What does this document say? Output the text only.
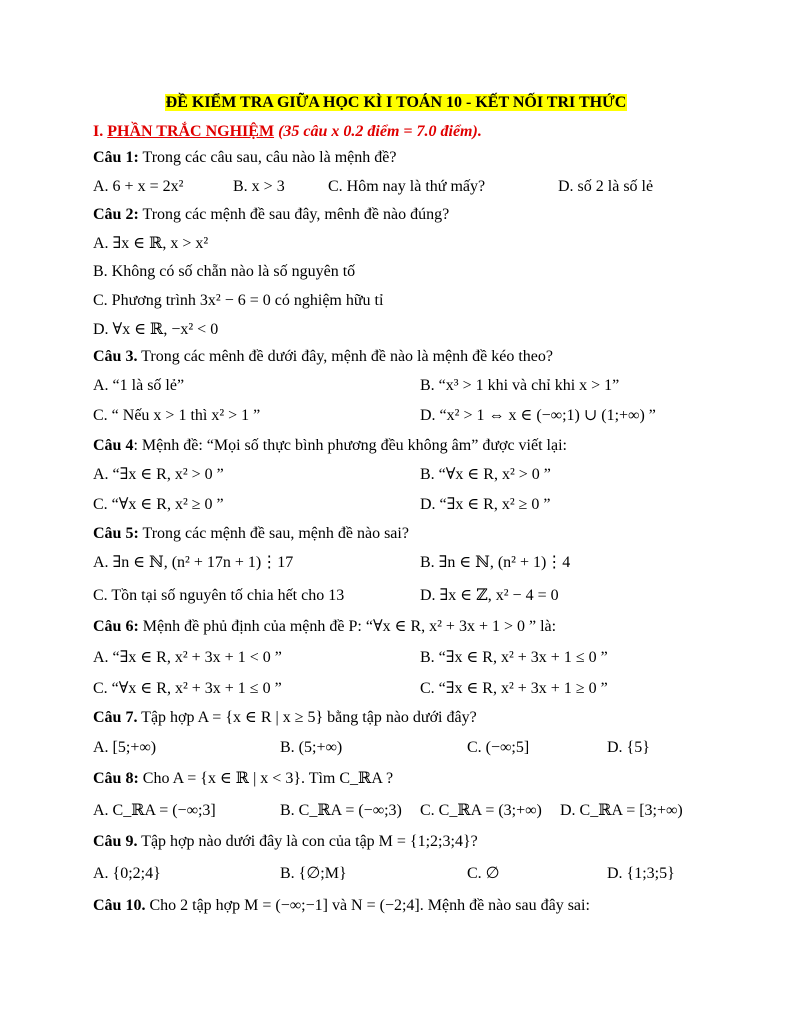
ĐỀ KIỂM TRA GIỮA HỌC KÌ I TOÁN 10 - KẾT NỐI TRI THỨC
I. PHẦN TRẮC NGHIỆM (35 câu x 0.2 điểm = 7.0 điểm).
Câu 1: Trong các câu sau, câu nào là mệnh đề?
A. 6 + x = 2x²	B. x > 3	C. Hôm nay là thứ mấy?	D. số 2 là số lẻ
Câu 2: Trong các mệnh đề sau đây, mênh đề nào đúng?
A. ∃x ∈ ℝ, x > x²
B. Không có số chẵn nào là số nguyên tố
C. Phương trình 3x² − 6 = 0 có nghiệm hữu tỉ
D. ∀x ∈ ℝ, −x² < 0
Câu 3. Trong các mênh đề dưới đây, mệnh đề nào là mệnh đề kéo theo?
A. “1 là số lẻ”	B. “x³ > 1 khi và chỉ khi x > 1”
C. “ Nếu x > 1 thì x² > 1 ”	D. “x² > 1 ⇔ x ∈ (−∞;1) ∪ (1;+∞) ”
Câu 4: Mệnh đề: “Mọi số thực bình phương đều không âm” được viết lại:
A. “∃x ∈ R, x² > 0 ”	B. “∀x ∈ R, x² > 0 ”
C. “∀x ∈ R, x² ≥ 0 ”	D. “∃x ∈ R, x² ≥ 0 ”
Câu 5: Trong các mệnh đề sau, mệnh đề nào sai?
A. ∃n ∈ ℕ, (n² + 17n + 1)⋮17	B. ∃n ∈ ℕ, (n² + 1)⋮4
C. Tồn tại số nguyên tố chia hết cho 13	D. ∃x ∈ ℤ, x² − 4 = 0
Câu 6: Mệnh đề phủ định của mệnh đề P: “∀x ∈ R, x² + 3x + 1 > 0 ” là:
A. “∃x ∈ R, x² + 3x + 1 < 0 ”	B. “∃x ∈ R, x² + 3x + 1 ≤ 0 ”
C. “∀x ∈ R, x² + 3x + 1 ≤ 0 ”	C. “∃x ∈ R, x² + 3x + 1 ≥ 0 ”
Câu 7. Tập hợp A = {x ∈ R | x ≥ 5} bằng tập nào dưới đây?
A. [5;+∞)	B. (5;+∞)	C. (−∞;5]	D. {5}
Câu 8: Cho A = {x ∈ ℝ | x < 3}. Tìm C_ℝA ?
A. C_ℝA = (−∞;3]	B. C_ℝA = (−∞;3) C. C_ℝA = (3;+∞) D. C_ℝA = [3;+∞)
Câu 9. Tập hợp nào dưới đây là con của tập M = {1;2;3;4}?
A. {0;2;4}	B. {∅;M}	C. ∅	D. {1;3;5}
Câu 10. Cho 2 tập hợp M = (−∞;−1] và N = (−2;4]. Mệnh đề nào sau đây sai:
